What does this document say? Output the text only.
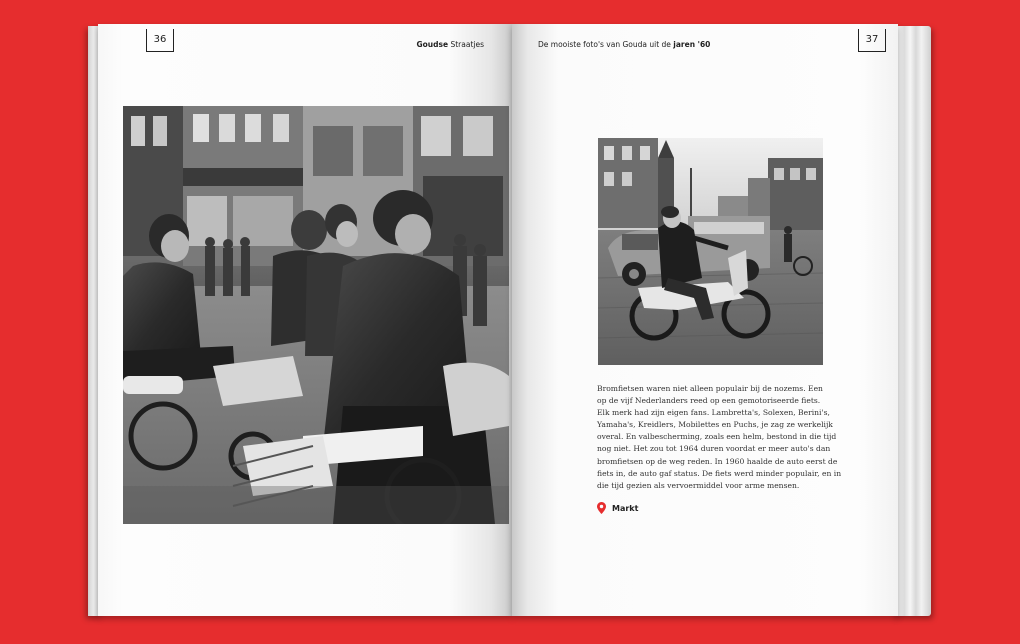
36	Goudse Straatjes	De mooiste foto's van Gouda uit de jaren '60	37

Bromfietsen waren niet alleen populair bij de nozems. Een
op de vijf Nederlanders reed op een gemotoriseerde fiets.
Elk merk had zijn eigen fans. Lambretta's, Solexen, Berini's,
Yamaha's, Kreidlers, Mobilettes en Puchs, je zag ze werkelijk
overal. En valbescherming, zoals een helm, bestond in die tijd
nog niet. Het zou tot 1964 duren voordat er meer auto's dan
bromfietsen op de weg reden. In 1960 haalde de auto eerst de
fiets in, de auto gaf status. De fiets werd minder populair, en in
die tijd gezien als vervoermiddel voor arme mensen.

Markt
